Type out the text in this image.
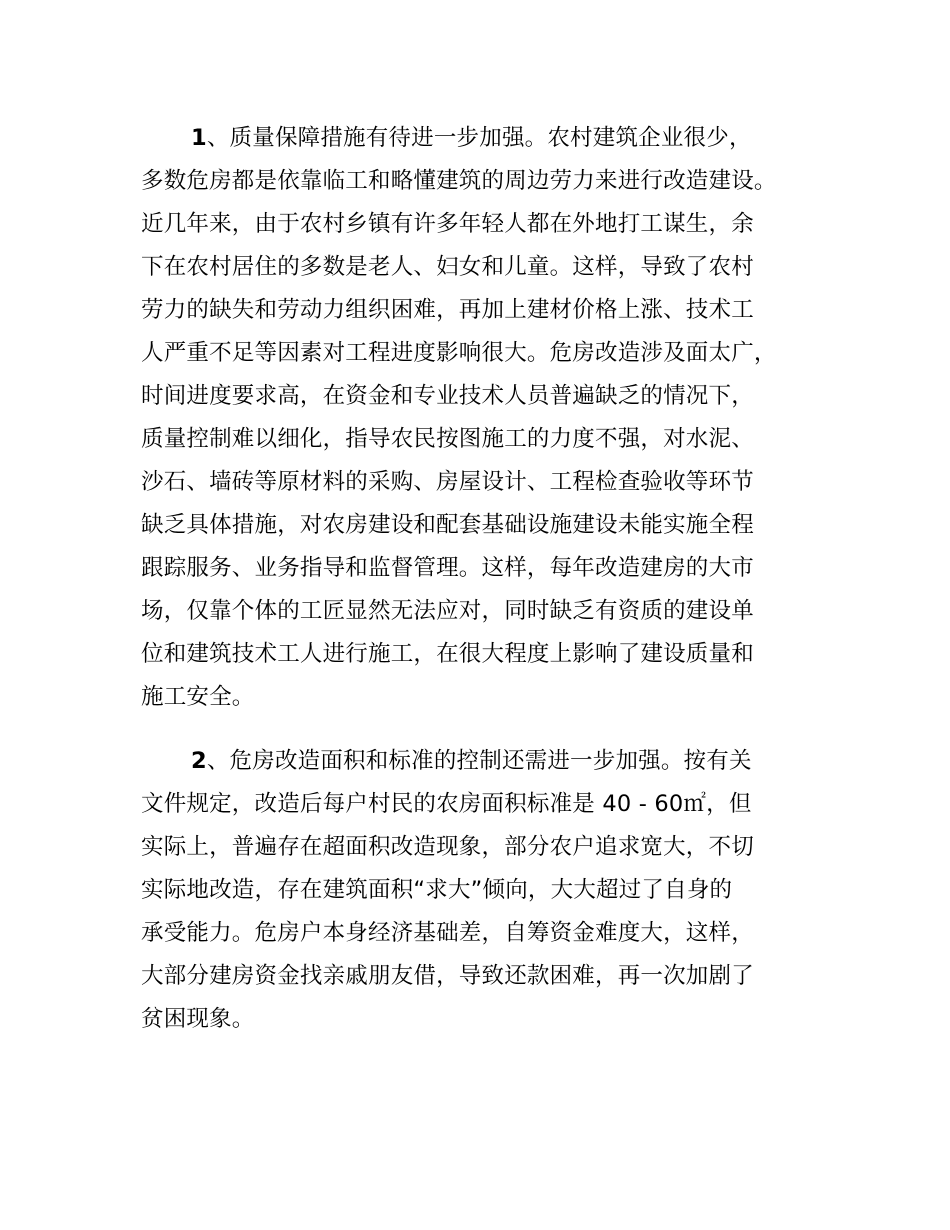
1、质量保障措施有待进一步加强。农村建筑企业很少，
多数危房都是依靠临工和略懂建筑的周边劳力来进行改造建设。
近几年来，由于农村乡镇有许多年轻人都在外地打工谋生，余
下在农村居住的多数是老人、妇女和儿童。这样，导致了农村
劳力的缺失和劳动力组织困难，再加上建材价格上涨、技术工
人严重不足等因素对工程进度影响很大。危房改造涉及面太广，
时间进度要求高，在资金和专业技术人员普遍缺乏的情况下，
质量控制难以细化，指导农民按图施工的力度不强，对水泥、
沙石、墙砖等原材料的采购、房屋设计、工程检查验收等环节
缺乏具体措施，对农房建设和配套基础设施建设未能实施全程
跟踪服务、业务指导和监督管理。这样，每年改造建房的大市
场，仅靠个体的工匠显然无法应对，同时缺乏有资质的建设单
位和建筑技术工人进行施工，在很大程度上影响了建设质量和
施工安全。
2、危房改造面积和标准的控制还需进一步加强。按有关
文件规定，改造后每户村民的农房面积标准是 40 - 60㎡，但
实际上，普遍存在超面积改造现象，部分农户追求宽大，不切
实际地改造，存在建筑面积“求大”倾向，大大超过了自身的
承受能力。危房户本身经济基础差，自筹资金难度大，这样，
大部分建房资金找亲戚朋友借，导致还款困难，再一次加剧了
贫困现象。
